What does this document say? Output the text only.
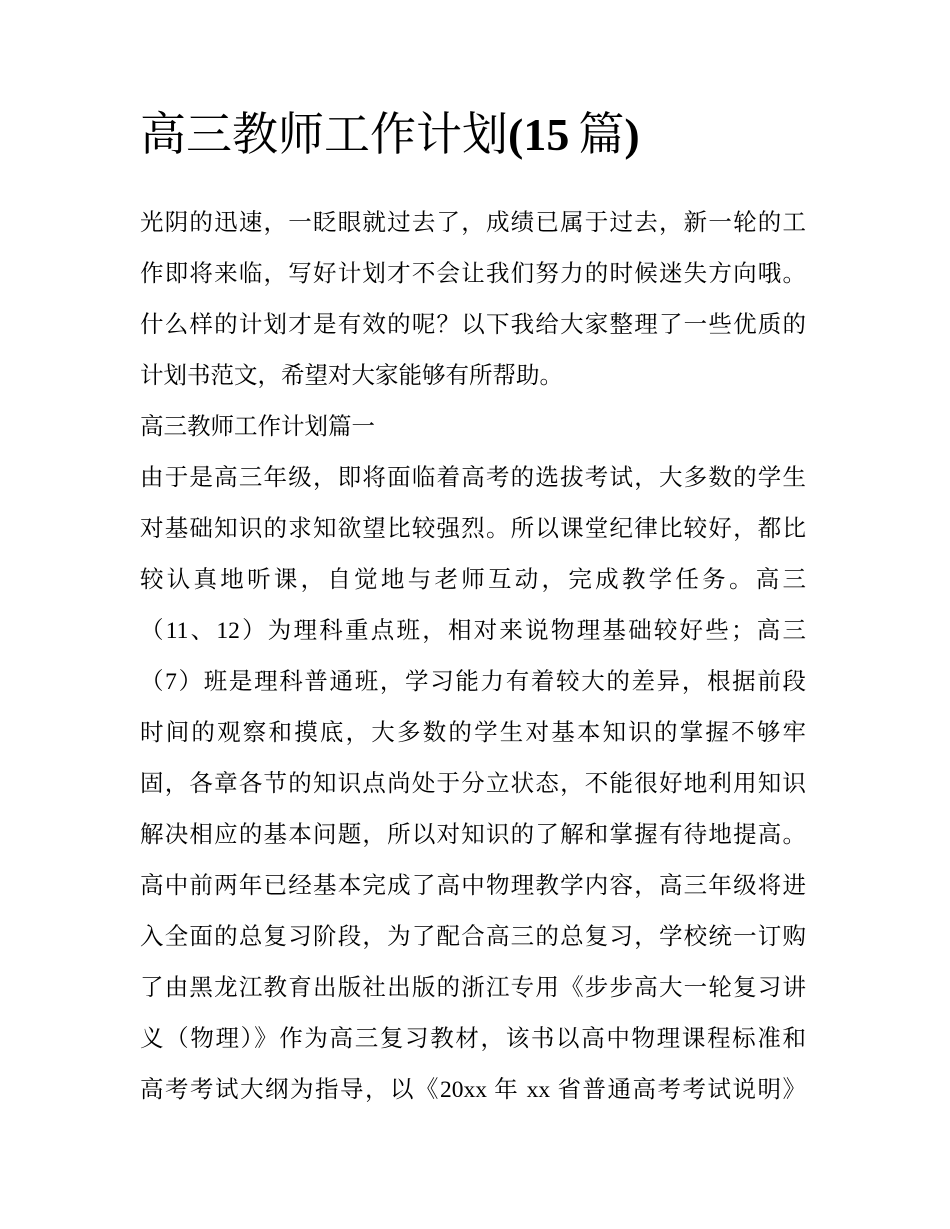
高三教师工作计划(15 篇)
光阴的迅速，一眨眼就过去了，成绩已属于过去，新一轮的工
作即将来临，写好计划才不会让我们努力的时候迷失方向哦。
什么样的计划才是有效的呢？以下我给大家整理了一些优质的
计划书范文，希望对大家能够有所帮助。
高三教师工作计划篇一
由于是高三年级，即将面临着高考的选拔考试，大多数的学生
对基础知识的求知欲望比较强烈。所以课堂纪律比较好，都比
较认真地听课，自觉地与老师互动，完成教学任务。高三
（11、12）为理科重点班，相对来说物理基础较好些；高三
（7）班是理科普通班，学习能力有着较大的差异，根据前段
时间的观察和摸底，大多数的学生对基本知识的掌握不够牢
固，各章各节的知识点尚处于分立状态，不能很好地利用知识
解决相应的基本问题，所以对知识的了解和掌握有待地提高。
高中前两年已经基本完成了高中物理教学内容，高三年级将进
入全面的总复习阶段，为了配合高三的总复习，学校统一订购
了由黑龙江教育出版社出版的浙江专用《步步高大一轮复习讲
义（物理）》作为高三复习教材，该书以高中物理课程标准和
高考考试大纲为指导，以《20xx 年 xx 省普通高考考试说明》
